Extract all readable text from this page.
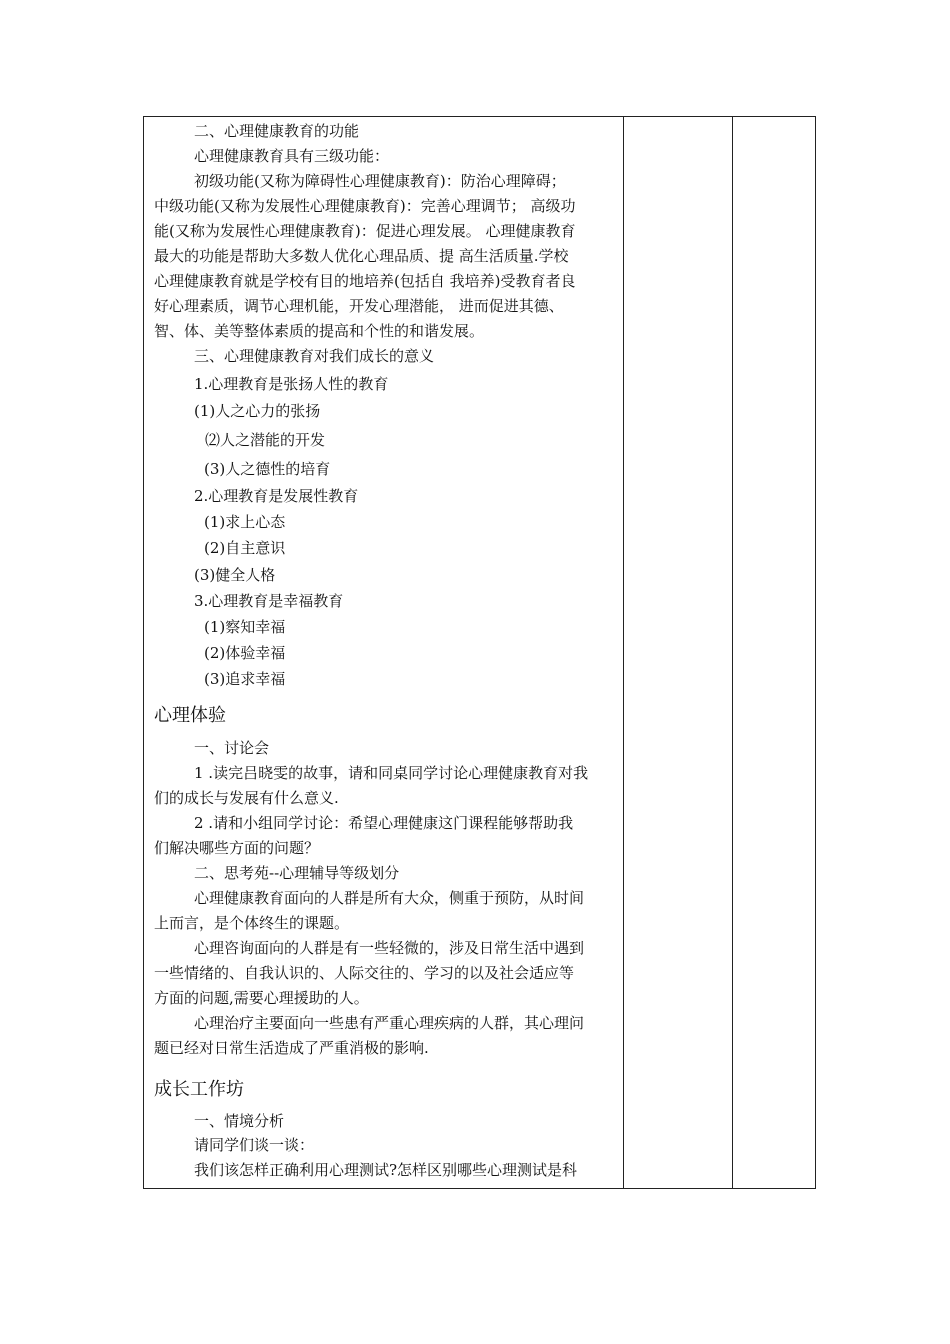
二、心理健康教育的功能
心理健康教育具有三级功能：
初级功能(又称为障碍性心理健康教育)：防治心理障碍；
中级功能(又称为发展性心理健康教育)：完善心理调节； 高级功
能(又称为发展性心理健康教育)：促进心理发展。 心理健康教育
最大的功能是帮助大多数人优化心理品质、提 高生活质量.学校
心理健康教育就是学校有目的地培养(包括自 我培养)受教育者良
好心理素质，调节心理机能，开发心理潜能， 进而促进其德、
智、体、美等整体素质的提高和个性的和谐发展。
三、心理健康教育对我们成长的意义
1.心理教育是张扬人性的教育
(1)人之心力的张扬
⑵人之潜能的开发
(3)人之德性的培育
2.心理教育是发展性教育
(1)求上心态
(2)自主意识
(3)健全人格
3.心理教育是幸福教育
(1)察知幸福
(2)体验幸福
(3)追求幸福
心理体验
一、讨论会
1 .读完吕晓雯的故事，请和同桌同学讨论心理健康教育对我
们的成长与发展有什么意义.
2 .请和小组同学讨论：希望心理健康这门课程能够帮助我
们解决哪些方面的问题？
二、思考苑--心理辅导等级划分
心理健康教育面向的人群是所有大众，侧重于预防，从时间
上而言，是个体终生的课题。
心理咨询面向的人群是有一些轻微的，涉及日常生活中遇到
一些情绪的、自我认识的、人际交往的、学习的以及社会适应等
方面的问题,需要心理援助的人。
心理治疗主要面向一些患有严重心理疾病的人群，其心理问
题已经对日常生活造成了严重消极的影响.
成长工作坊
一、情境分析
请同学们谈一谈：
我们该怎样正确利用心理测试?怎样区别哪些心理测试是科
